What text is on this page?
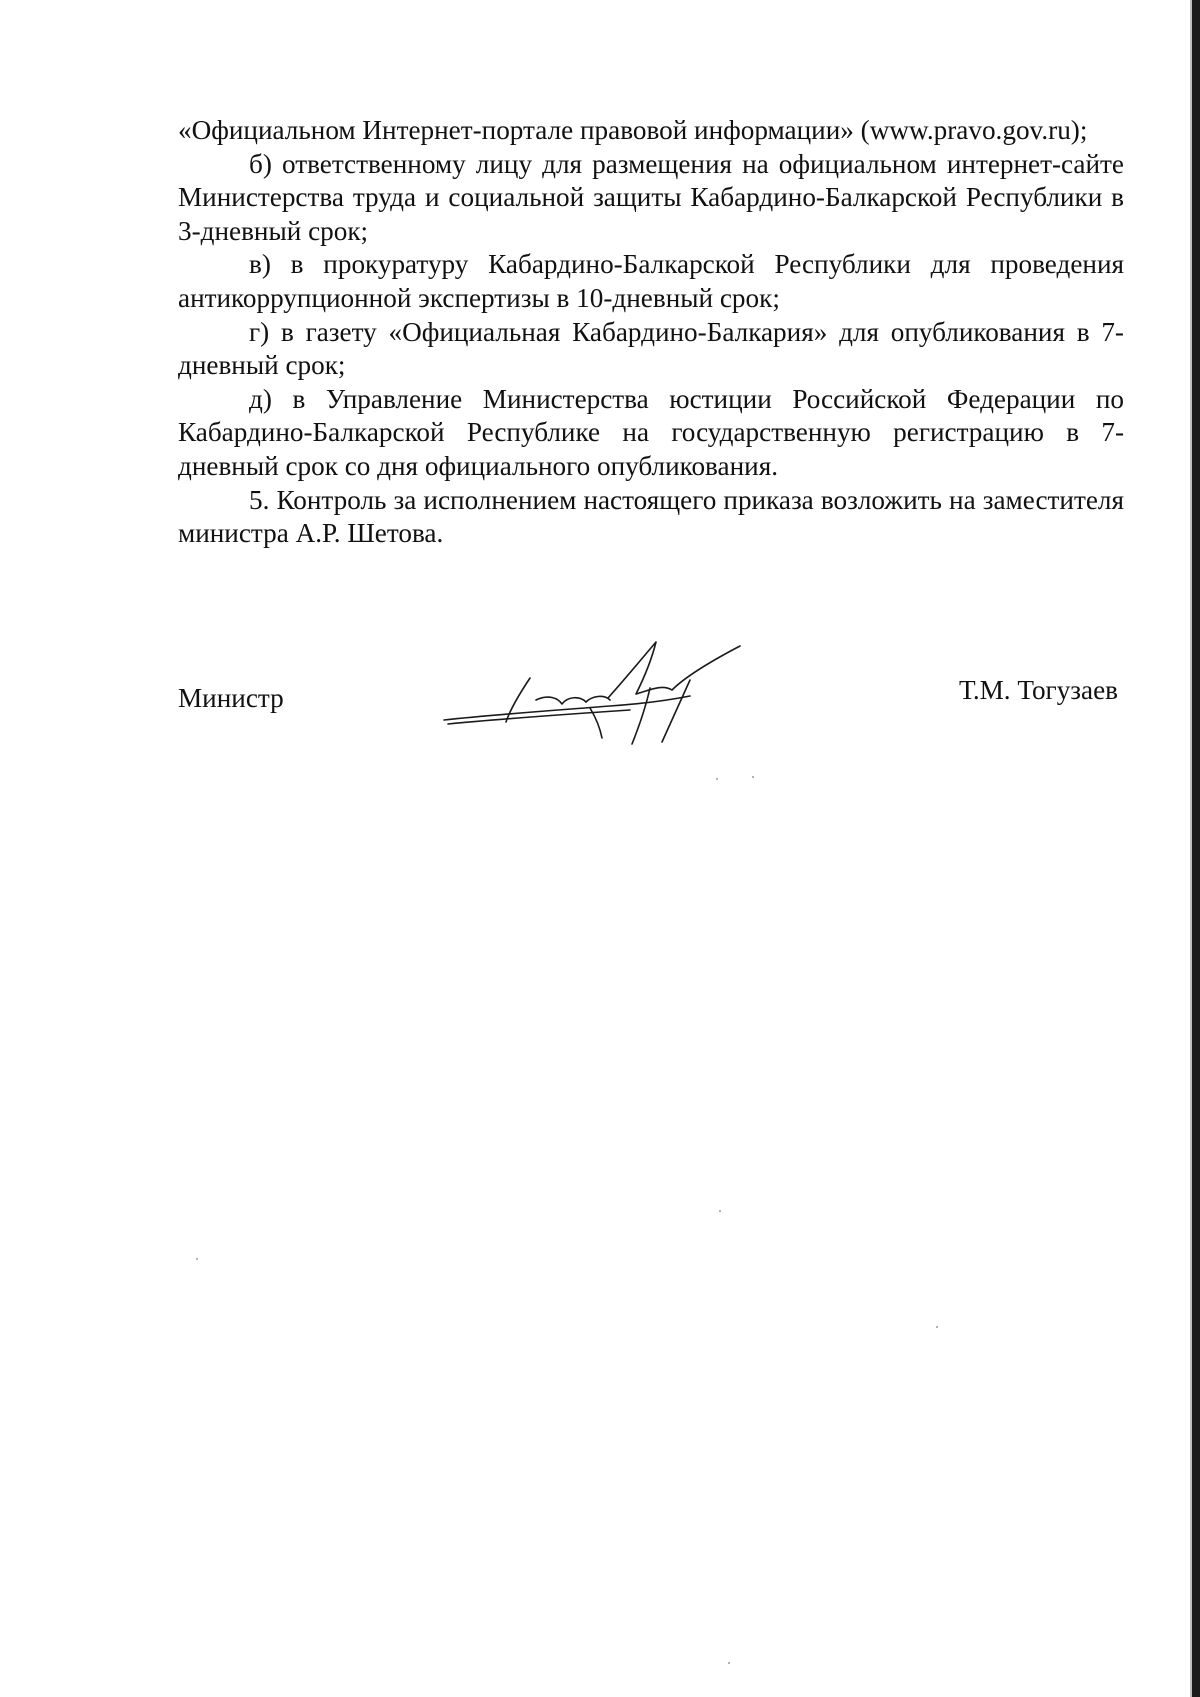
«Официальном Интернет-портале правовой информации» (www.pravo.gov.ru);

б) ответственному лицу для размещения на официальном интернет-сайте Министерства труда и социальной защиты Кабардино-Балкарской Республики в 3-дневный срок;

в) в прокуратуру Кабардино-Балкарской Республики для проведения антикоррупционной экспертизы в 10-дневный срок;

г) в газету «Официальная Кабардино-Балкария» для опубликования в 7-дневный срок;

д) в Управление Министерства юстиции Российской Федерации по Кабардино-Балкарской Республике на государственную регистрацию в 7-дневный срок со дня официального опубликования.

5. Контроль за исполнением настоящего приказа возложить на заместителя министра А.Р. Шетова.

Министр	Т.М. Тогузаев
